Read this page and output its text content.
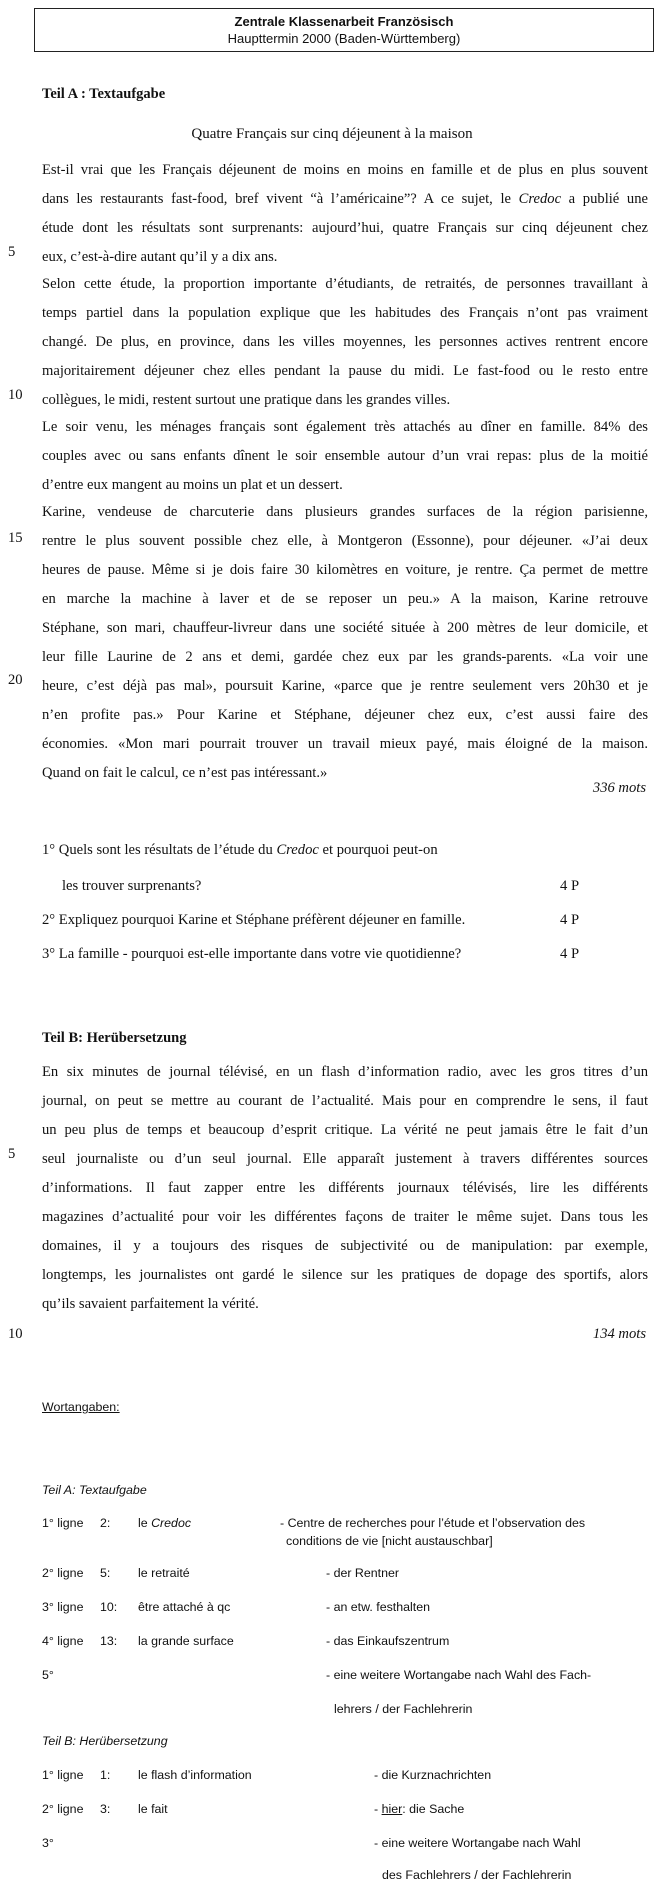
Zentrale Klassenarbeit Französisch
Haupttermin 2000 (Baden-Württemberg)
Teil A : Textaufgabe
Quatre Français sur cinq déjeunent à la maison
Est-il vrai que les Français déjeunent de moins en moins en famille et de plus en plus souvent
dans les restaurants fast-food, bref vivent “à l’américaine”? A ce sujet, le Credoc a publié une
étude dont les résultats sont surprenants: aujourd’hui, quatre Français sur cinq déjeunent chez
eux, c’est-à-dire autant qu’il y a dix ans.
Selon cette étude, la proportion importante d’étudiants, de retraités, de personnes travaillant à
temps partiel dans la population explique que les habitudes des Français n’ont pas vraiment
changé. De plus, en province, dans les villes moyennes, les personnes actives rentrent encore
majoritairement déjeuner chez elles pendant la pause du midi. Le fast-food ou le resto entre
collègues, le midi, restent surtout une pratique dans les grandes villes.
Le soir venu, les ménages français sont également très attachés au dîner en famille. 84% des
couples avec ou sans enfants dînent le soir ensemble autour d’un vrai repas: plus de la moitié
d’entre eux mangent au moins un plat et un dessert.
Karine, vendeuse de charcuterie dans plusieurs grandes surfaces de la région parisienne,
rentre le plus souvent possible chez elle, à Montgeron (Essonne), pour déjeuner. «J’ai deux
heures de pause. Même si je dois faire 30 kilomètres en voiture, je rentre. Ça permet de mettre
en marche la machine à laver et de se reposer un peu.» A la maison, Karine retrouve
Stéphane, son mari, chauffeur-livreur dans une société située à 200 mètres de leur domicile, et
leur fille Laurine de 2 ans et demi, gardée chez eux par les grands-parents. «La voir une
heure, c’est déjà pas mal», poursuit Karine, «parce que je rentre seulement vers 20h30 et je
n’en profite pas.» Pour Karine et Stéphane, déjeuner chez eux, c’est aussi faire des
économies. «Mon mari pourrait trouver un travail mieux payé, mais éloigné de la maison.
Quand on fait le calcul, ce n’est pas intéressant.»
5
10
15
20
336 mots
1° Quels sont les résultats de l’étude du Credoc et pourquoi peut-on
les trouver surprenants?	4 P
2° Expliquez pourquoi Karine et Stéphane préfèrent déjeuner en famille.	4 P
3° La famille - pourquoi est-elle importante dans votre vie quotidienne?	4 P
Teil B: Herübersetzung
En six minutes de journal télévisé, en un flash d’information radio, avec les gros titres d’un
journal, on peut se mettre au courant de l’actualité. Mais pour en comprendre le sens, il faut
un peu plus de temps et beaucoup d’esprit critique. La vérité ne peut jamais être le fait d’un
seul journaliste ou d’un seul journal. Elle apparaît justement à travers différentes sources
d’informations. Il faut zapper entre les différents journaux télévisés, lire les différents
magazines d’actualité pour voir les différentes façons de traiter le même sujet. Dans tous les
domaines, il y a toujours des risques de subjectivité ou de manipulation: par exemple,
longtemps, les journalistes ont gardé le silence sur les pratiques de dopage des sportifs, alors
qu’ils savaient parfaitement la vérité.
5
10	134 mots
Wortangaben:
Teil A: Textaufgabe
1° ligne 2: le Credoc	- Centre de recherches pour l’étude et l’observation des
conditions de vie [nicht austauschbar]
2° ligne 5: le retraité	- der Rentner
3° ligne 10: être attaché à qc	- an etw. festhalten
4° ligne 13: la grande surface	- das Einkaufszentrum
5°	- eine weitere Wortangabe nach Wahl des Fach-
lehrers / der Fachlehrerin
Teil B: Herübersetzung
1° ligne 1: le flash d’information	- die Kurznachrichten
2° ligne 3: le fait	- hier: die Sache
3°	- eine weitere Wortangabe nach Wahl
des Fachlehrers / der Fachlehrerin
